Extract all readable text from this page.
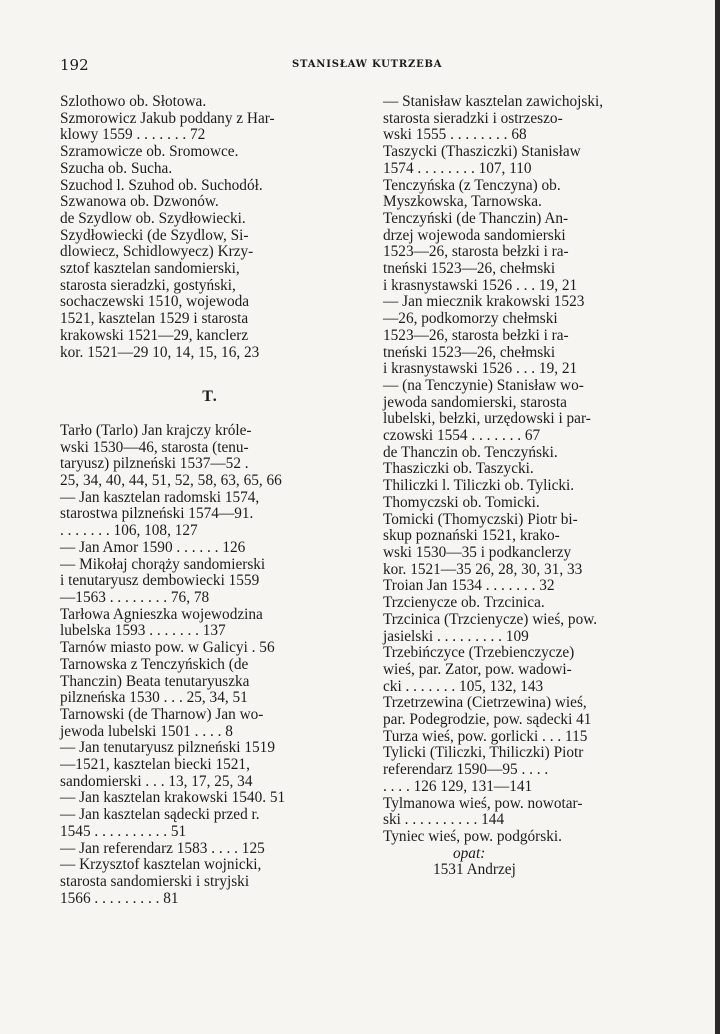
192	STANISŁAW KUTRZEBA
Szlothowo ob. Słotowa.
Szmorowicz Jakub poddany z Har-
klowy 1559 . . . . . . . 72
Szramowicze ob. Sromowce.
Szucha ob. Sucha.
Szuchod l. Szuhod ob. Suchodół.
Szwanowa ob. Dzwonów.
de Szydlow ob. Szydłowiecki.
Szydłowiecki (de Szydlow, Si-
dlowiecz, Schidlowyecz) Krzy-
sztof kasztelan sandomierski,
starosta sieradzki, gostyński,
sochaczewski 1510, wojewoda
1521, kasztelan 1529 i starosta
krakowski 1521—29, kanclerz
kor. 1521—29 10, 14, 15, 16, 23
T.
Tarło (Tarlo) Jan krajczy króle-
wski 1530—46, starosta (tenu-
taryusz) pilzneński 1537—52 .
25, 34, 40, 44, 51, 52, 58, 63, 65, 66
— Jan kasztelan radomski 1574,
starostwa pilzneński 1574—91.
. . . . . . . 106, 108, 127
— Jan Amor 1590 . . . . . . 126
— Mikołaj chorąży sandomierski
i tenutaryusz dembowiecki 1559
—1563 . . . . . . . . 76, 78
Tarłowa Agnieszka wojewodzina
lubelska 1593 . . . . . . . 137
Tarnów miasto pow. w Galicyi . 56
Tarnowska z Tenczyńskich (de
Thanczin) Beata tenutaryuszka
pilzneńska 1530 . . . 25, 34, 51
Tarnowski (de Tharnow) Jan wo-
jewoda lubelski 1501 . . . . 8
— Jan tenutaryusz pilzneński 1519
—1521, kasztelan biecki 1521,
sandomierski . . . 13, 17, 25, 34
— Jan kasztelan krakowski 1540. 51
— Jan kasztelan sądecki przed r.
1545 . . . . . . . . . . 51
— Jan referendarz 1583 . . . . 125
— Krzysztof kasztelan wojnicki,
starosta sandomierski i stryjski
1566 . . . . . . . . . 81
— Stanisław kasztelan zawichojski,
starosta sieradzki i ostrzeszo-
wski 1555 . . . . . . . . 68
Taszycki (Thasziczki) Stanisław
1574 . . . . . . . . 107, 110
Tenczyńska (z Tenczyna) ob.
Myszkowska, Tarnowska.
Tenczyński (de Thanczin) An-
drzej wojewoda sandomierski
1523—26, starosta bełzki i ra-
tneński 1523—26, chełmski
i krasnystawski 1526 . . . 19, 21
— Jan miecznik krakowski 1523
—26, podkomorzy chełmski
1523—26, starosta bełzki i ra-
tneński 1523—26, chełmski
i krasnystawski 1526 . . . 19, 21
— (na Tenczynie) Stanisław wo-
jewoda sandomierski, starosta
lubelski, bełzki, urzędowski i par-
czowski 1554 . . . . . . . 67
de Thanczin ob. Tenczyński.
Thasziczki ob. Taszycki.
Thiliczki l. Tiliczki ob. Tylicki.
Thomyczski ob. Tomicki.
Tomicki (Thomyczski) Piotr bi-
skup poznański 1521, krako-
wski 1530—35 i podkanclerzy
kor. 1521—35 26, 28, 30, 31, 33
Troian Jan 1534 . . . . . . . 32
Trzcienycze ob. Trzcinica.
Trzcinica (Trzcienycze) wieś, pow.
jasielski . . . . . . . . . 109
Trzebińczyce (Trzebienczycze)
wieś, par. Zator, pow. wadowi-
cki . . . . . . . 105, 132, 143
Trzetrzewina (Cietrzewina) wieś,
par. Podegrodzie, pow. sądecki 41
Turza wieś, pow. gorlicki . . . 115
Tylicki (Tiliczki, Thiliczki) Piotr
referendarz 1590—95 . . . .
. . . . 126 129, 131—141
Tylmanowa wieś, pow. nowotar-
ski . . . . . . . . . . 144
Tyniec wieś, pow. podgórski.
opat:
1531 Andrzej
